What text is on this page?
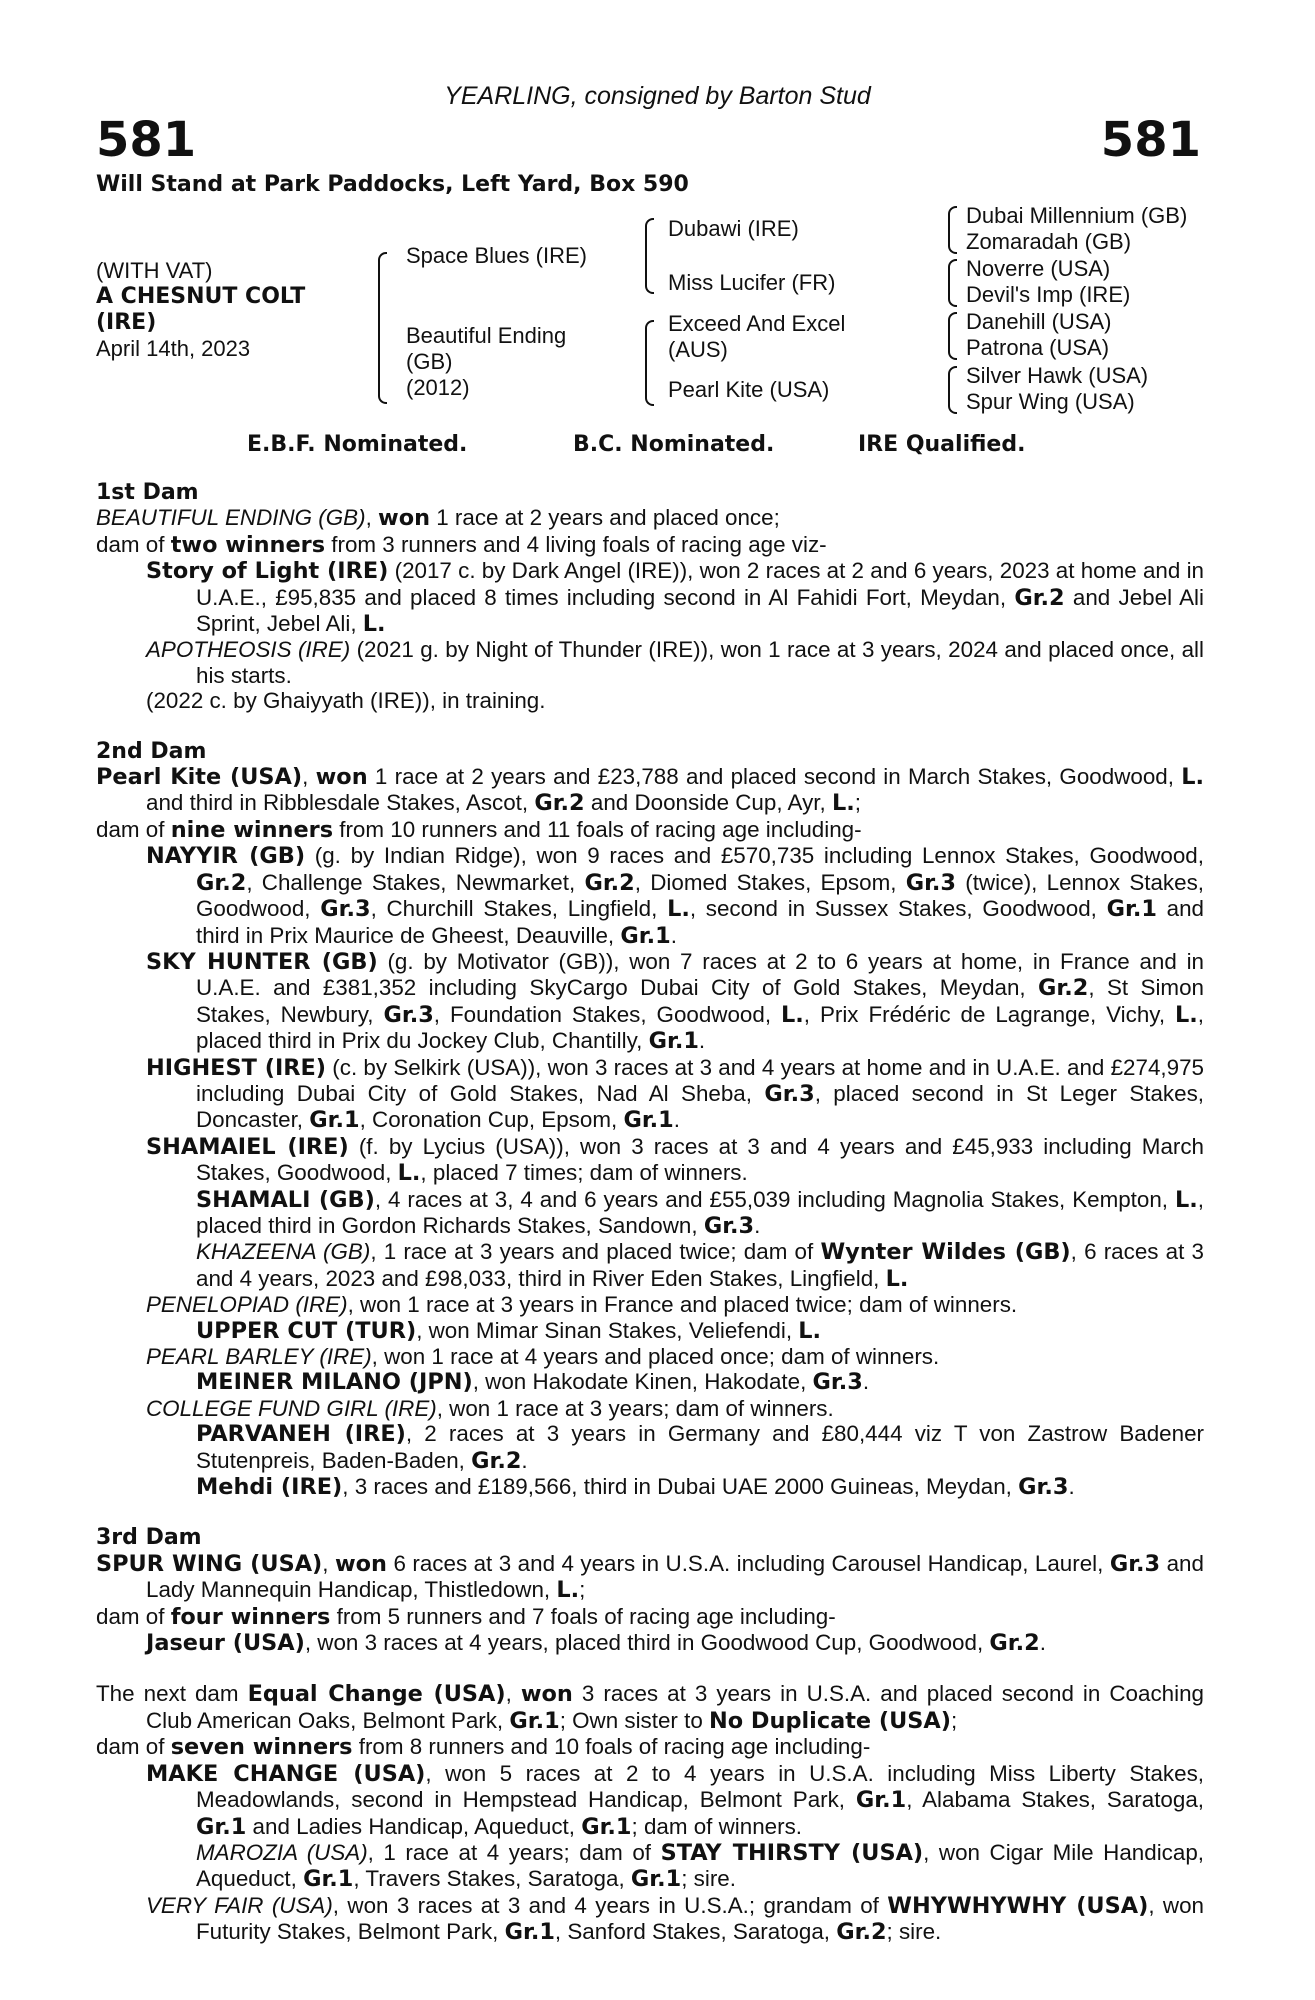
581	581
YEARLING, consigned by Barton Stud
Will Stand at Park Paddocks, Left Yard, Box 590
(WITH VAT)
A CHESNUT COLT
(IRE)
April 14th, 2023
Space Blues (IRE)
Beautiful Ending
(GB)
(2012)
Dubawi (IRE)
Miss Lucifer (FR)
Exceed And Excel
(AUS)
Pearl Kite (USA)
Dubai Millennium (GB)
Zomaradah (GB)
Noverre (USA)
Devil's Imp (IRE)
Danehill (USA)
Patrona (USA)
Silver Hawk (USA)
Spur Wing (USA)
E.B.F. Nominated.	B.C. Nominated.	IRE Qualified.
1st Dam

BEAUTIFUL ENDING (GB), won 1 race at 2 years and placed once;

dam of two winners from 3 runners and 4 living foals of racing age viz-

Story of Light (IRE) (2017 c. by Dark Angel (IRE)), won 2 races at 2 and 6 years, 2023 at home and in U.A.E., £95,835 and placed 8 times including second in Al Fahidi Fort, Meydan, Gr.2 and Jebel Ali Sprint, Jebel Ali, L.

APOTHEOSIS (IRE) (2021 g. by Night of Thunder (IRE)), won 1 race at 3 years, 2024 and placed once, all his starts.

(2022 c. by Ghaiyyath (IRE)), in training.

2nd Dam

Pearl Kite (USA), won 1 race at 2 years and £23,788 and placed second in March Stakes, Goodwood, L. and third in Ribblesdale Stakes, Ascot, Gr.2 and Doonside Cup, Ayr, L.;

dam of nine winners from 10 runners and 11 foals of racing age including-

NAYYIR (GB) (g. by Indian Ridge), won 9 races and £570,735 including Lennox Stakes, Goodwood, Gr.2, Challenge Stakes, Newmarket, Gr.2, Diomed Stakes, Epsom, Gr.3 (twice), Lennox Stakes, Goodwood, Gr.3, Churchill Stakes, Lingfield, L., second in Sussex Stakes, Goodwood, Gr.1 and third in Prix Maurice de Gheest, Deauville, Gr.1.

SKY HUNTER (GB) (g. by Motivator (GB)), won 7 races at 2 to 6 years at home, in France and in U.A.E. and £381,352 including SkyCargo Dubai City of Gold Stakes, Meydan, Gr.2, St Simon Stakes, Newbury, Gr.3, Foundation Stakes, Goodwood, L., Prix Frédéric de Lagrange, Vichy, L., placed third in Prix du Jockey Club, Chantilly, Gr.1.

HIGHEST (IRE) (c. by Selkirk (USA)), won 3 races at 3 and 4 years at home and in U.A.E. and £274,975 including Dubai City of Gold Stakes, Nad Al Sheba, Gr.3, placed second in St Leger Stakes, Doncaster, Gr.1, Coronation Cup, Epsom, Gr.1.

SHAMAIEL (IRE) (f. by Lycius (USA)), won 3 races at 3 and 4 years and £45,933 including March Stakes, Goodwood, L., placed 7 times; dam of winners.

SHAMALI (GB), 4 races at 3, 4 and 6 years and £55,039 including Magnolia Stakes, Kempton, L., placed third in Gordon Richards Stakes, Sandown, Gr.3.

KHAZEENA (GB), 1 race at 3 years and placed twice; dam of Wynter Wildes (GB), 6 races at 3 and 4 years, 2023 and £98,033, third in River Eden Stakes, Lingfield, L.

PENELOPIAD (IRE), won 1 race at 3 years in France and placed twice; dam of winners.

UPPER CUT (TUR), won Mimar Sinan Stakes, Veliefendi, L.

PEARL BARLEY (IRE), won 1 race at 4 years and placed once; dam of winners.

MEINER MILANO (JPN), won Hakodate Kinen, Hakodate, Gr.3.

COLLEGE FUND GIRL (IRE), won 1 race at 3 years; dam of winners.

PARVANEH (IRE), 2 races at 3 years in Germany and £80,444 viz T von Zastrow Badener Stutenpreis, Baden-Baden, Gr.2.

Mehdi (IRE), 3 races and £189,566, third in Dubai UAE 2000 Guineas, Meydan, Gr.3.

3rd Dam

SPUR WING (USA), won 6 races at 3 and 4 years in U.S.A. including Carousel Handicap, Laurel, Gr.3 and Lady Mannequin Handicap, Thistledown, L.;

dam of four winners from 5 runners and 7 foals of racing age including-

Jaseur (USA), won 3 races at 4 years, placed third in Goodwood Cup, Goodwood, Gr.2.

The next dam Equal Change (USA), won 3 races at 3 years in U.S.A. and placed second in Coaching Club American Oaks, Belmont Park, Gr.1; Own sister to No Duplicate (USA);

dam of seven winners from 8 runners and 10 foals of racing age including-

MAKE CHANGE (USA), won 5 races at 2 to 4 years in U.S.A. including Miss Liberty Stakes, Meadowlands, second in Hempstead Handicap, Belmont Park, Gr.1, Alabama Stakes, Saratoga, Gr.1 and Ladies Handicap, Aqueduct, Gr.1; dam of winners.

MAROZIA (USA), 1 race at 4 years; dam of STAY THIRSTY (USA), won Cigar Mile Handicap, Aqueduct, Gr.1, Travers Stakes, Saratoga, Gr.1; sire.

VERY FAIR (USA), won 3 races at 3 and 4 years in U.S.A.; grandam of WHYWHYWHY (USA), won Futurity Stakes, Belmont Park, Gr.1, Sanford Stakes, Saratoga, Gr.2; sire.
